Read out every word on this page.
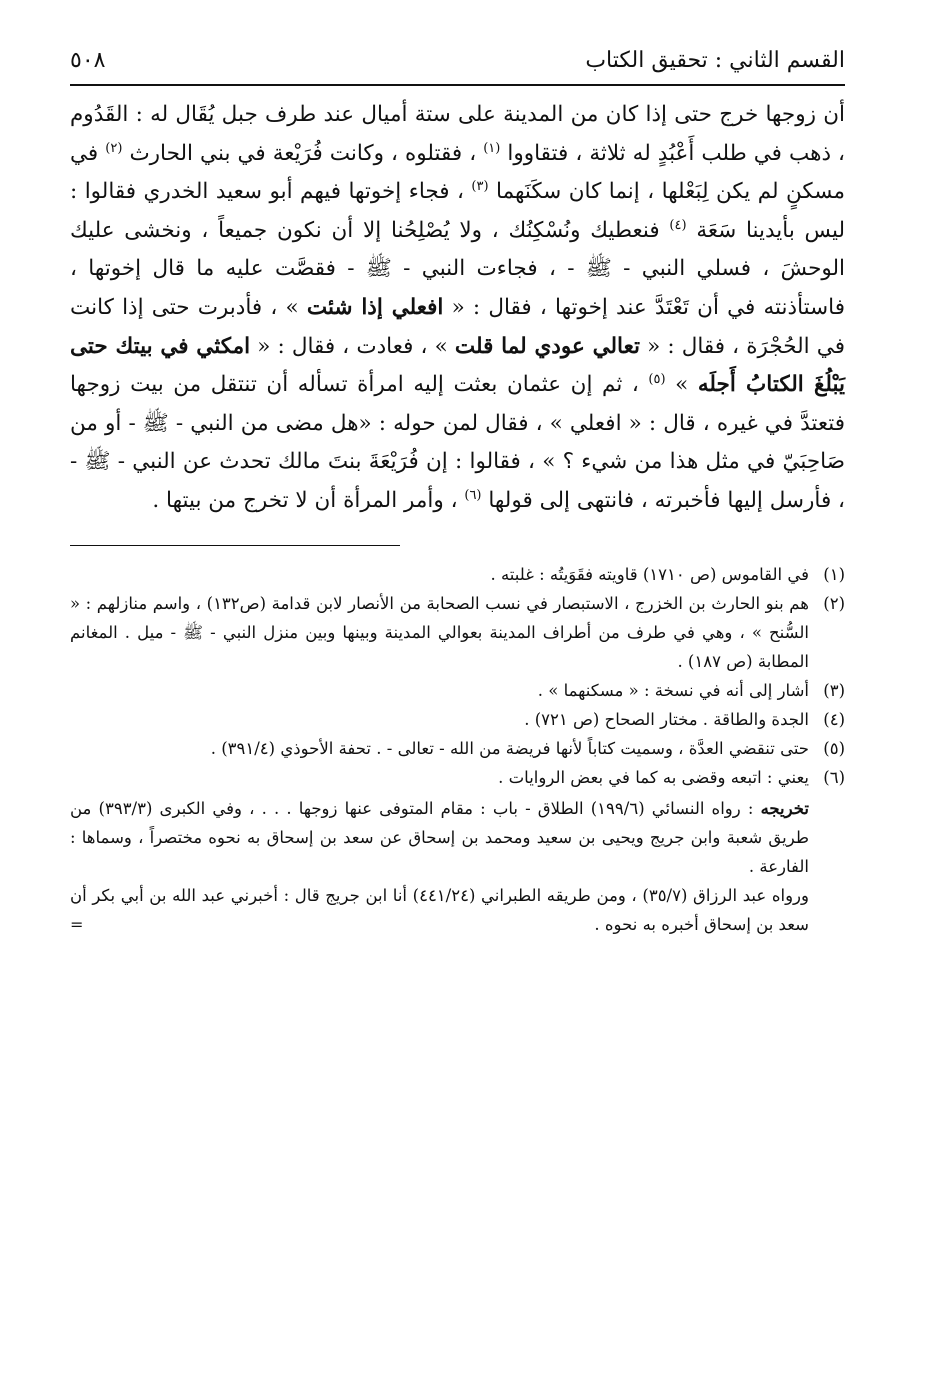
القسم الثاني : تحقيق الكتاب
٥٠٨

أن زوجها خرج حتى إذا كان من المدينة على ستة أميال عند طرف جبل يُقَال له : القَدُوم ، ذهب في طلب أَعْبُدٍ له ثلاثة ، فتقاووا $^{(١)}$ ، فقتلوه ، وكانت فُرَيْعة في بني الحارث $^{(٢)}$ في مسكنٍ لم يكن لِبَعْلها ، إنما كان سكَنَهما $^{(٣)}$ ، فجاء إخوتها فيهم أبو سعيد الخدري فقالوا : ليس بأيدينا سَعَة $^{(٤)}$ فنعطيك ونُسْكِنُك ، ولا يُصْلِحُنا إلا أن نكون جميعاً ، ونخشى عليك الوحشَ ، فسلي النبي - ﷺ - ، فجاءت النبي - ﷺ - فقصَّت عليه ما قال إخوتها ، فاستأذنته في أن تَعْتَدَّ عند إخوتها ، فقال : « افعلي إذا شئت » ، فأدبرت حتى إذا كانت في الحُجْرَة ، فقال : « تعالي عودي لما قلت » ، فعادت ، فقال : « امكثي في بيتك حتى يَبْلُغَ الكتابُ أَجلَه » $^{(٥)}$ ، ثم إن عثمان بعثت إليه امرأة تسأله أن تنتقل من بيت زوجها فتعتدَّ في غيره ، قال : « افعلي » ، فقال لمن حوله : «هل مضى من النبي - ﷺ - أو من صَاحِبَيّ في مثل هذا من شيء ؟ » ، فقالوا : إن فُرَيْعَةَ بنتَ مالك تحدث عن النبي - ﷺ - ، فأرسل إليها فأخبرته ، فانتهى إلى قولها $^{(٦)}$ ، وأمر المرأة أن لا تخرج من بيتها .

(١)
في القاموس (ص ١٧١٠) قاويته فقَوَيتُه : غلبته .
(٢)
هم بنو الحارث بن الخزرج ، الاستبصار في نسب الصحابة من الأنصار لابن قدامة (ص١٣٢) ، واسم منازلهم : « السُّنح » ، وهي في طرف من أطراف المدينة بعوالي المدينة وبينها وبين منزل النبي - ﷺ - ميل . المغانم المطابة (ص ١٨٧) .
(٣)
أشار إلى أنه في نسخة : « مسكنهما » .
(٤)
الجدة والطاقة . مختار الصحاح (ص ٧٢١) .
(٥)
حتى تنقضي العدَّة ، وسميت كتاباً لأنها فريضة من الله - تعالى - . تحفة الأحوذي (٣٩١/٤) .
(٦)
يعني : اتبعه وقضى به كما في بعض الروايات .
تخريجه : رواه النسائي (١٩٩/٦) الطلاق - باب : مقام المتوفى عنها زوجها . . . ، وفي الكبرى (٣٩٣/٣) من طريق شعبة وابن جريج ويحيى بن سعيد ومحمد بن إسحاق عن سعد بن إسحاق به نحوه مختصراً ، وسماها : الفارعة .
ورواه عبد الرزاق (٣٥/٧) ، ومن طريقه الطبراني (٤٤١/٢٤) أنا ابن جريج قال : أخبرني عبد الله بن أبي بكر أن سعد بن إسحاق أخبره به نحوه .
=
